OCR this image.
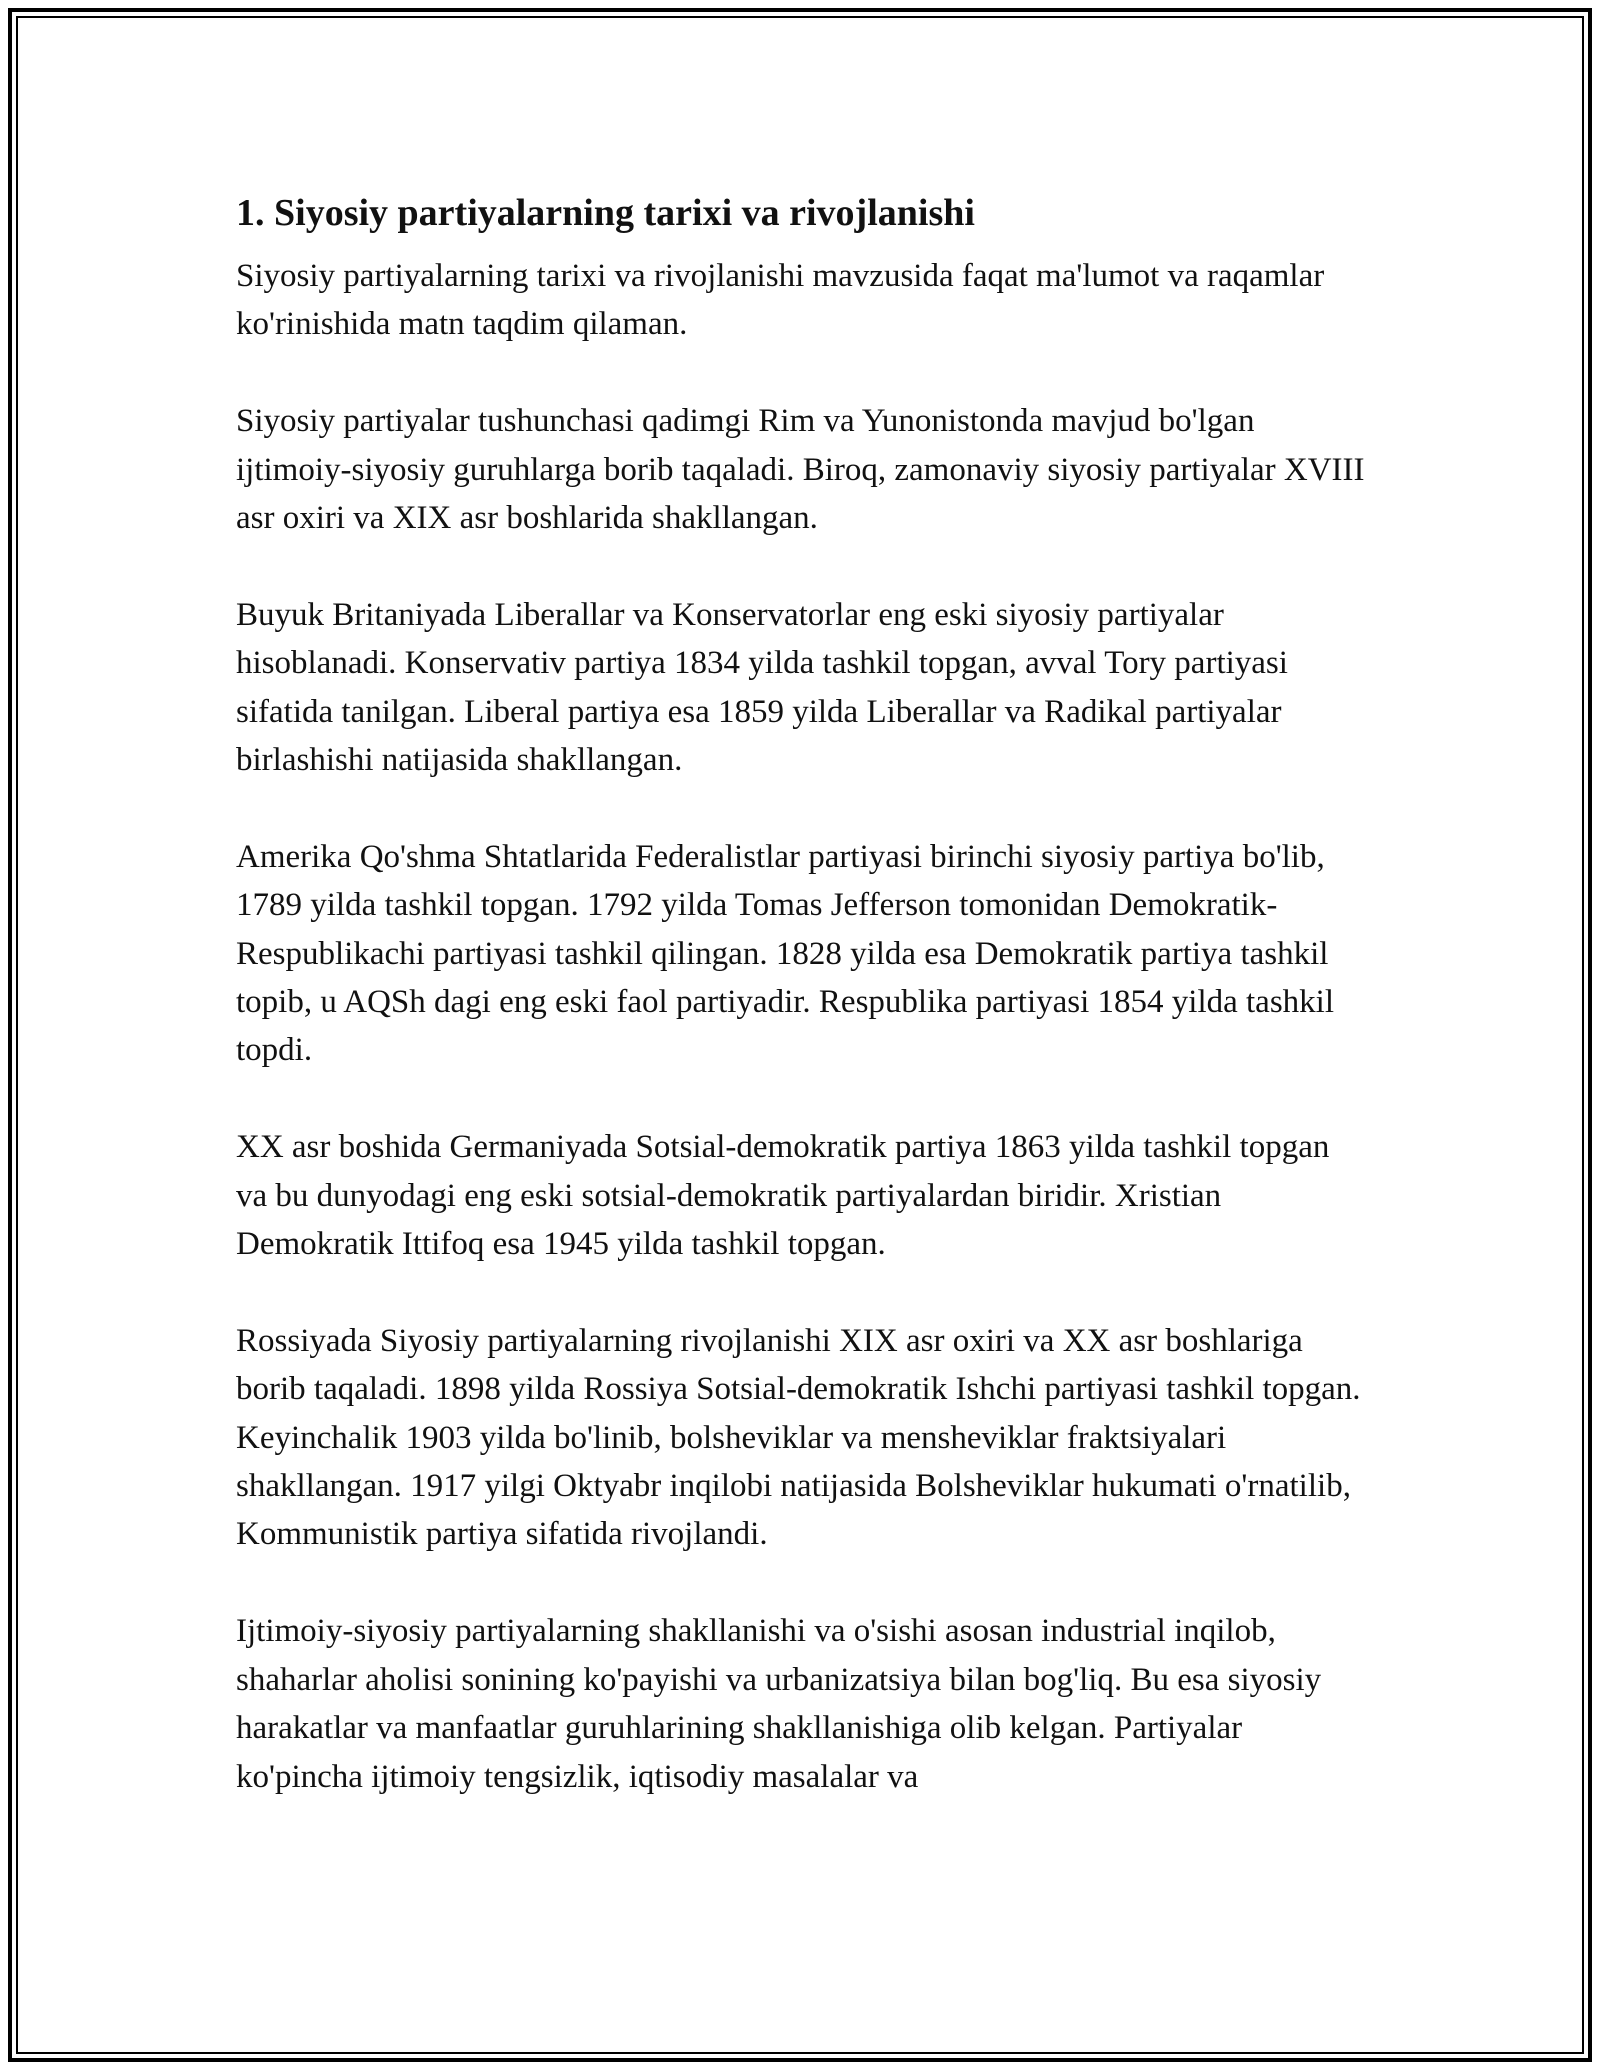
1. Siyosiy partiyalarning tarixi va rivojlanishi

Siyosiy partiyalarning tarixi va rivojlanishi mavzusida faqat ma'lumot va raqamlar ko'rinishida matn taqdim qilaman.

Siyosiy partiyalar tushunchasi qadimgi Rim va Yunonistonda mavjud bo'lgan ijtimoiy-siyosiy guruhlarga borib taqaladi. Biroq, zamonaviy siyosiy partiyalar XVIII asr oxiri va XIX asr boshlarida shakllangan.

Buyuk Britaniyada Liberallar va Konservatorlar eng eski siyosiy partiyalar hisoblanadi. Konservativ partiya 1834 yilda tashkil topgan, avval Tory partiyasi sifatida tanilgan. Liberal partiya esa 1859 yilda Liberallar va Radikal partiyalar birlashishi natijasida shakllangan.

Amerika Qo'shma Shtatlarida Federalistlar partiyasi birinchi siyosiy partiya bo'lib, 1789 yilda tashkil topgan. 1792 yilda Tomas Jefferson tomonidan Demokratik-Respublikachi partiyasi tashkil qilingan. 1828 yilda esa Demokratik partiya tashkil topib, u AQSh dagi eng eski faol partiyadir. Respublika partiyasi 1854 yilda tashkil topdi.

XX asr boshida Germaniyada Sotsial-demokratik partiya 1863 yilda tashkil topgan va bu dunyodagi eng eski sotsial-demokratik partiyalardan biridir. Xristian Demokratik Ittifoq esa 1945 yilda tashkil topgan.

Rossiyada Siyosiy partiyalarning rivojlanishi XIX asr oxiri va XX asr boshlariga borib taqaladi. 1898 yilda Rossiya Sotsial-demokratik Ishchi partiyasi tashkil topgan. Keyinchalik 1903 yilda bo'linib, bolsheviklar va mensheviklar fraktsiyalari shakllangan. 1917 yilgi Oktyabr inqilobi natijasida Bolsheviklar hukumati o'rnatilib, Kommunistik partiya sifatida rivojlandi.

Ijtimoiy-siyosiy partiyalarning shakllanishi va o'sishi asosan industrial inqilob, shaharlar aholisi sonining ko'payishi va urbanizatsiya bilan bog'liq. Bu esa siyosiy harakatlar va manfaatlar guruhlarining shakllanishiga olib kelgan. Partiyalar ko'pincha ijtimoiy tengsizlik, iqtisodiy masalalar va
